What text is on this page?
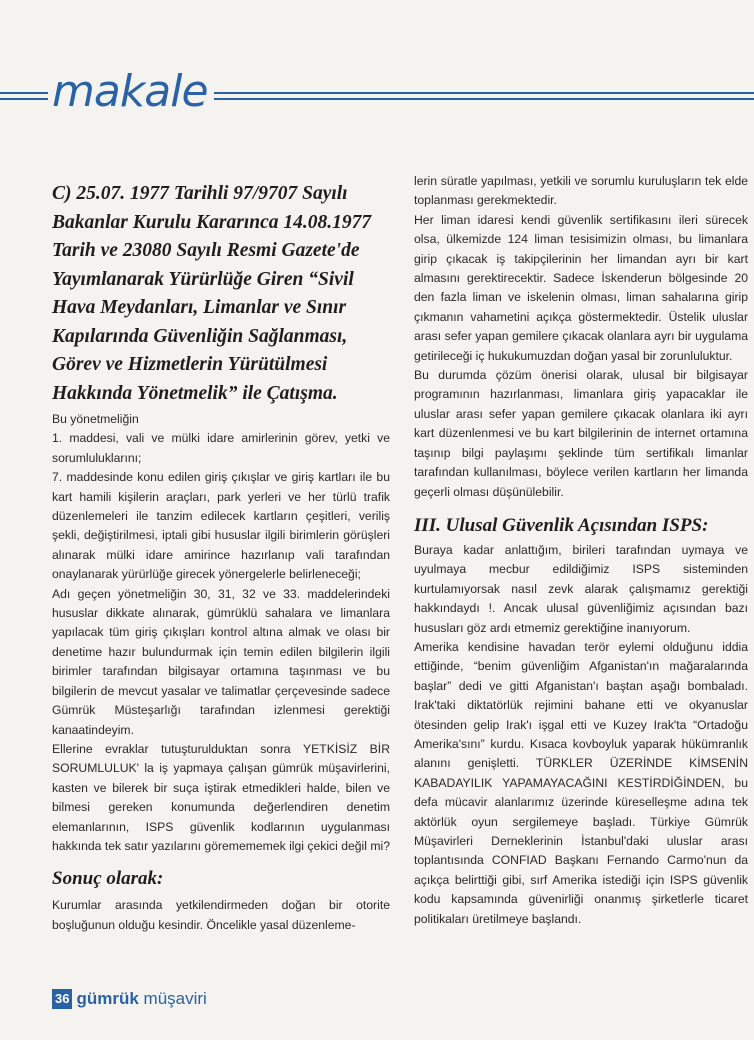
makale
C) 25.07. 1977 Tarihli 97/9707 Sayılı Bakanlar Kurulu Kararınca 14.08.1977 Tarih ve 23080 Sayılı Resmi Gazete'de Yayımlanarak Yürürlüğe Giren “Sivil Hava Meydanları, Limanlar ve Sınır Kapılarında Güvenliğin Sağlanması, Görev ve Hizmetlerin Yürütülmesi Hakkında Yönetmelik” ile Çatışma.

Bu yönetmeliğin

1. maddesi, vali ve mülki idare amirlerinin görev, yetki ve sorumluluklarını;

7. maddesinde konu edilen giriş çıkışlar ve giriş kartları ile bu kart hamili kişilerin araçları, park yerleri ve her türlü trafik düzenlemeleri ile tanzim edilecek kartların çeşitleri, veriliş şekli, değiştirilmesi, iptali gibi hususlar ilgili birimlerin görüşleri alınarak mülki idare amirince hazırlanıp vali tarafından onaylanarak yürürlüğe girecek yönergelerle belirleneceği;

Adı geçen yönetmeliğin 30, 31, 32 ve 33. maddelerindeki hususlar dikkate alınarak, gümrüklü sahalara ve limanlara yapılacak tüm giriş çıkışları kontrol altına almak ve olası bir denetime hazır bulundurmak için temin edilen bilgilerin ilgili birimler tarafından bilgisayar ortamına taşınması ve bu bilgilerin de mevcut yasalar ve talimatlar çerçevesinde sadece Gümrük Müsteşarlığı tarafından izlenmesi gerektiği kanaatindeyim.

Ellerine evraklar tutuşturulduktan sonra YETKİSİZ BİR SORUMLULUK' la iş yapmaya çalışan gümrük müşavirlerini, kasten ve bilerek bir suça iştirak etmedikleri halde, bilen ve bilmesi gereken konumunda değerlendiren denetim elemanlarının, ISPS güvenlik kodlarının uygulanması hakkında tek satır yazılarını göremememek ilgi çekici değil mi?

Sonuç olarak:

Kurumlar arasında yetkilendirmeden doğan bir otorite boşluğunun olduğu kesindir. Öncelikle yasal düzenleme-

lerin süratle yapılması, yetkili ve sorumlu kuruluşların tek elde toplanması gerekmektedir.

Her liman idaresi kendi güvenlik sertifikasını ileri sürecek olsa, ülkemizde 124 liman tesisimizin olması, bu limanlara girip çıkacak iş takipçilerinin her limandan ayrı bir kart almasını gerektirecektir. Sadece İskenderun bölgesinde 20 den fazla liman ve iskelenin olması, liman sahalarına girip çıkmanın vahametini açıkça göstermektedir. Üstelik uluslar arası sefer yapan gemilere çıkacak olanlara ayrı bir uygulama getirileceği iç hukukumuzdan doğan yasal bir zorunluluktur.

Bu durumda çözüm önerisi olarak, ulusal bir bilgisayar programının hazırlanması, limanlara giriş yapacaklar ile uluslar arası sefer yapan gemilere çıkacak olanlara iki ayrı kart düzenlenmesi ve bu kart bilgilerinin de internet ortamına taşınıp bilgi paylaşımı şeklinde tüm sertifikalı limanlar tarafından kullanılması, böylece verilen kartların her limanda geçerli olması düşünülebilir.

III. Ulusal Güvenlik Açısından ISPS:

Buraya kadar anlattığım, birileri tarafından uymaya ve uyulmaya mecbur edildiğimiz ISPS sisteminden kurtulamıyorsak nasıl zevk alarak çalışmamız gerektiği hakkındaydı !. Ancak ulusal güvenliğimiz açısından bazı hususları göz ardı etmemiz gerektiğine inanıyorum.

Amerika kendisine havadan terör eylemi olduğunu iddia ettiğinde, “benim güvenliğim Afganistan'ın mağaralarında başlar” dedi ve gitti Afganistan'ı baştan aşağı bombaladı. Irak'taki diktatörlük rejimini bahane etti ve okyanuslar ötesinden gelip Irak'ı işgal etti ve Kuzey Irak'ta “Ortadoğu Amerika'sını” kurdu. Kısaca kovboyluk yaparak hükümranlık alanını genişletti. TÜRKLER ÜZERİNDE KİMSENİN KABADAYILIK YAPAMAYACAĞINI KESTİRDİĞİNDEN, bu defa mücavir alanlarımız üzerinde küreselleşme adına tek aktörlük oyun sergilemeye başladı. Türkiye Gümrük Müşavirleri Derneklerinin İstanbul'daki uluslar arası toplantısında CONFIAD Başkanı Fernando Carmo'nun da açıkça belirttiği gibi, sırf Amerika istediği için ISPS güvenlik kodu kapsamında güvenirliği onanmış şirketlerle ticaret politikaları üretilmeye başlandı.

36 gümrük müşaviri
